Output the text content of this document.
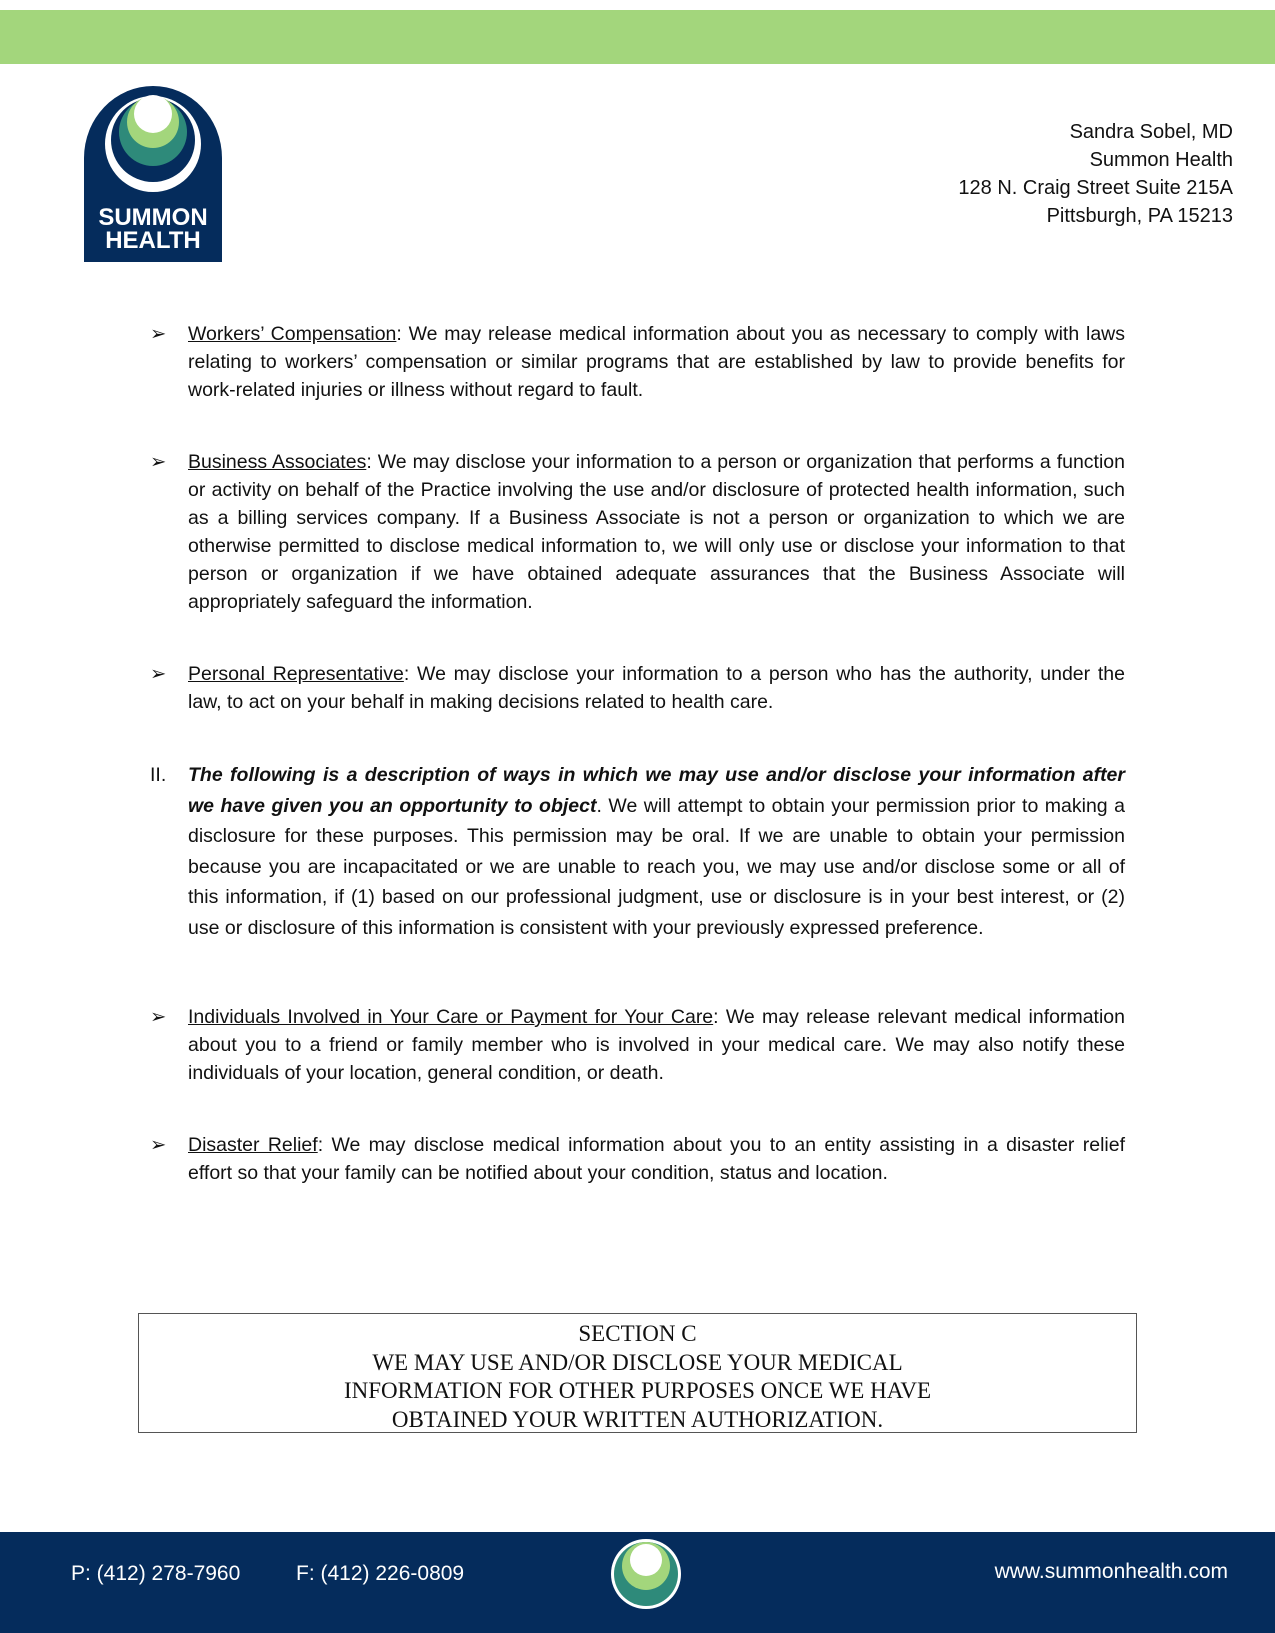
SUMMON
HEALTH
Sandra Sobel, MD
Summon Health
128 N. Craig Street Suite 215A
Pittsburgh, PA 15213
➢	Workers’ Compensation: We may release medical information about you as necessary to comply with laws relating to workers’ compensation or similar programs that are established by law to provide benefits for work-related injuries or illness without regard to fault.
➢	Business Associates: We may disclose your information to a person or organization that performs a function or activity on behalf of the Practice involving the use and/or disclosure of protected health information, such as a billing services company. If a Business Associate is not a person or organization to which we are otherwise permitted to disclose medical information to, we will only use or disclose your information to that person or organization if we have obtained adequate assurances that the Business Associate will appropriately safeguard the information.
➢	Personal Representative: We may disclose your information to a person who has the authority, under the law, to act on your behalf in making decisions related to health care.
II.	The following is a description of ways in which we may use and/or disclose your information after we have given you an opportunity to object. We will attempt to obtain your permission prior to making a disclosure for these purposes. This permission may be oral. If we are unable to obtain your permission because you are incapacitated or we are unable to reach you, we may use and/or disclose some or all of this information, if (1) based on our professional judgment, use or disclosure is in your best interest, or (2) use or disclosure of this information is consistent with your previously expressed preference.
➢	Individuals Involved in Your Care or Payment for Your Care: We may release relevant medical information about you to a friend or family member who is involved in your medical care. We may also notify these individuals of your location, general condition, or death.
➢	Disaster Relief: We may disclose medical information about you to an entity assisting in a disaster relief effort so that your family can be notified about your condition, status and location.
SECTION C
WE MAY USE AND/OR DISCLOSE YOUR MEDICAL
INFORMATION FOR OTHER PURPOSES ONCE WE HAVE
OBTAINED YOUR WRITTEN AUTHORIZATION.
P: (412) 278-7960	F: (412) 226-0809	www.summonhealth.com
